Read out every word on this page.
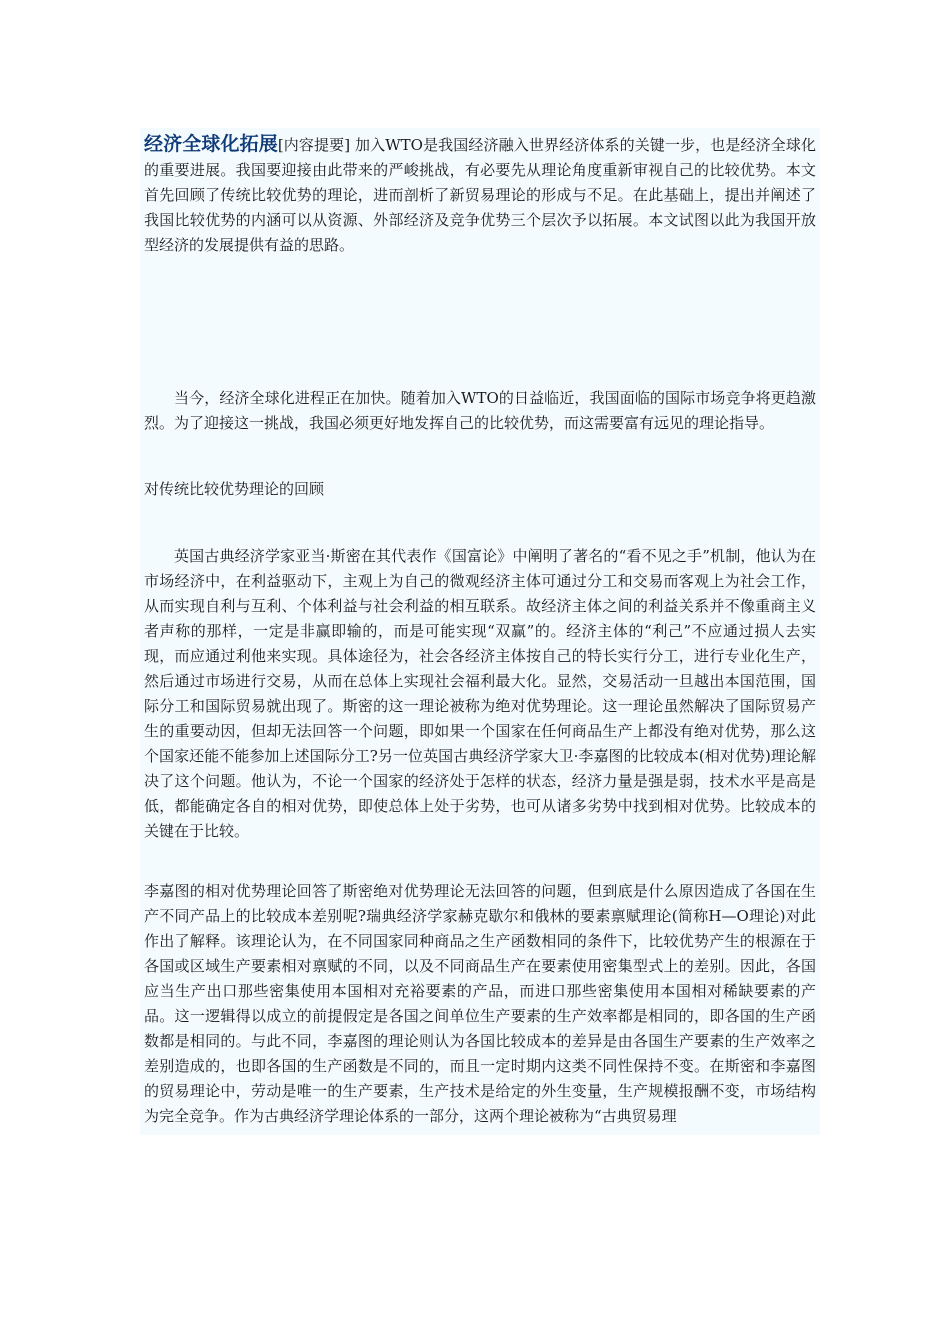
经济全球化拓展[内容提要] 加入WTO是我国经济融入世界经济体系的关键一步，也是经济全球化的重要进展。我国要迎接由此带来的严峻挑战，有必要先从理论角度重新审视自己的比较优势。本文首先回顾了传统比较优势的理论，进而剖析了新贸易理论的形成与不足。在此基础上，提出并阐述了我国比较优势的内涵可以从资源、外部经济及竞争优势三个层次予以拓展。本文试图以此为我国开放型经济的发展提供有益的思路。

当今，经济全球化进程正在加快。随着加入WTO的日益临近，我国面临的国际市场竞争将更趋激烈。为了迎接这一挑战，我国必须更好地发挥自己的比较优势，而这需要富有远见的理论指导。

对传统比较优势理论的回顾

英国古典经济学家亚当·斯密在其代表作《国富论》中阐明了著名的“看不见之手”机制，他认为在市场经济中，在利益驱动下，主观上为自己的微观经济主体可通过分工和交易而客观上为社会工作，从而实现自利与互利、个体利益与社会利益的相互联系。故经济主体之间的利益关系并不像重商主义者声称的那样，一定是非赢即输的，而是可能实现“双赢”的。经济主体的“利己”不应通过损人去实现，而应通过利他来实现。具体途径为，社会各经济主体按自己的特长实行分工，进行专业化生产，然后通过市场进行交易，从而在总体上实现社会福利最大化。显然，交易活动一旦越出本国范围，国际分工和国际贸易就出现了。斯密的这一理论被称为绝对优势理论。这一理论虽然解决了国际贸易产生的重要动因，但却无法回答一个问题，即如果一个国家在任何商品生产上都没有绝对优势，那么这个国家还能不能参加上述国际分工?另一位英国古典经济学家大卫·李嘉图的比较成本(相对优势)理论解决了这个问题。他认为，不论一个国家的经济处于怎样的状态，经济力量是强是弱，技术水平是高是低，都能确定各自的相对优势，即使总体上处于劣势，也可从诸多劣势中找到相对优势。比较成本的关键在于比较。

李嘉图的相对优势理论回答了斯密绝对优势理论无法回答的问题，但到底是什么原因造成了各国在生产不同产品上的比较成本差别呢?瑞典经济学家赫克歇尔和俄林的要素禀赋理论(简称H—O理论)对此作出了解释。该理论认为，在不同国家同种商品之生产函数相同的条件下，比较优势产生的根源在于各国或区域生产要素相对禀赋的不同，以及不同商品生产在要素使用密集型式上的差别。因此，各国应当生产出口那些密集使用本国相对充裕要素的产品，而进口那些密集使用本国相对稀缺要素的产品。这一逻辑得以成立的前提假定是各国之间单位生产要素的生产效率都是相同的，即各国的生产函数都是相同的。与此不同，李嘉图的理论则认为各国比较成本的差异是由各国生产要素的生产效率之差别造成的，也即各国的生产函数是不同的，而且一定时期内这类不同性保持不变。在斯密和李嘉图的贸易理论中，劳动是唯一的生产要素，生产技术是给定的外生变量，生产规模报酬不变，市场结构为完全竞争。作为古典经济学理论体系的一部分，这两个理论被称为“古典贸易理
